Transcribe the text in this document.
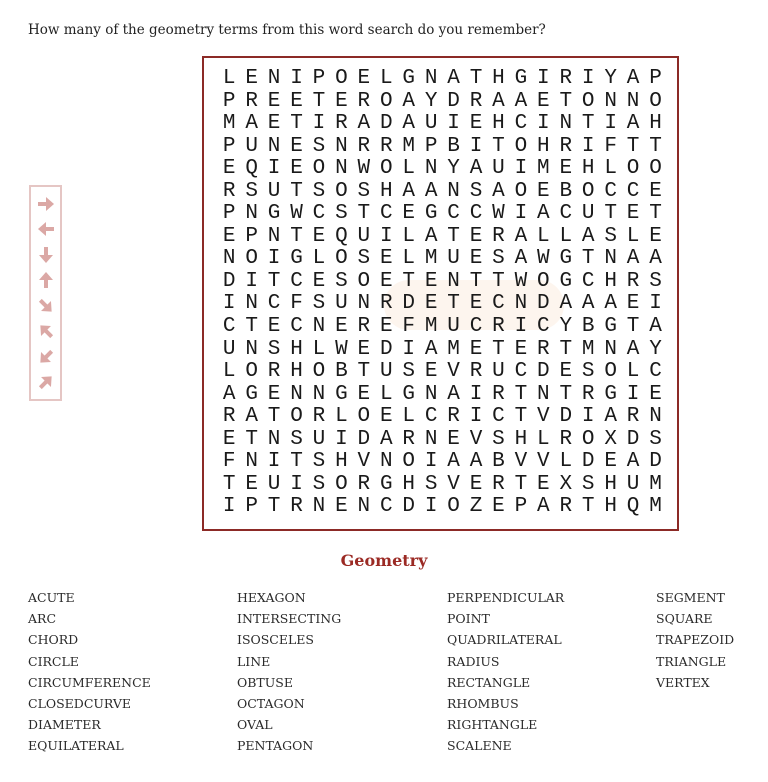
How many of the geometry terms from this word search do you remember?
L E N I P O E L G N A T H G I R I Y A P
P R E E T E R O A Y D R A A E T O N N O
M A E T I R A D A U I E H C I N T I A H
P U N E S N R R M P B I T O H R I F T T
E Q I E O N W O L N Y A U I M E H L O O
R S U T S O S H A A N S A O E B O C C E
P N G W C S T C E G C C W I A C U T E T
E P N T E Q U I L A T E R A L L A S L E
N O I G L O S E L M U E S A W G T N A A
D I T C E S O E T E N T T W O G C H R S
I N C F S U N R D E T E C N D A A A E I
C T E C N E R E F M U C R I C Y B G T A
U N S H L W E D I A M E T E R T M N A Y
L O R H O B T U S E V R U C D E S O L C
A G E N N G E L G N A I R T N T R G I E
R A T O R L O E L C R I C T V D I A R N
E T N S U I D A R N E V S H L R O X D S
F N I T S H V N O I A A B V V L D E A D
T E U I S O R G H S V E R T E X S H U M
I P T R N E N C D I O Z E P A R T H Q M
Geometry
ACUTE
ARC
CHORD
CIRCLE
CIRCUMFERENCE
CLOSEDCURVE
DIAMETER
EQUILATERAL
HEXAGON
INTERSECTING
ISOSCELES
LINE
OBTUSE
OCTAGON
OVAL
PENTAGON
PERPENDICULAR
POINT
QUADRILATERAL
RADIUS
RECTANGLE
RHOMBUS
RIGHTANGLE
SCALENE
SEGMENT
SQUARE
TRAPEZOID
TRIANGLE
VERTEX
